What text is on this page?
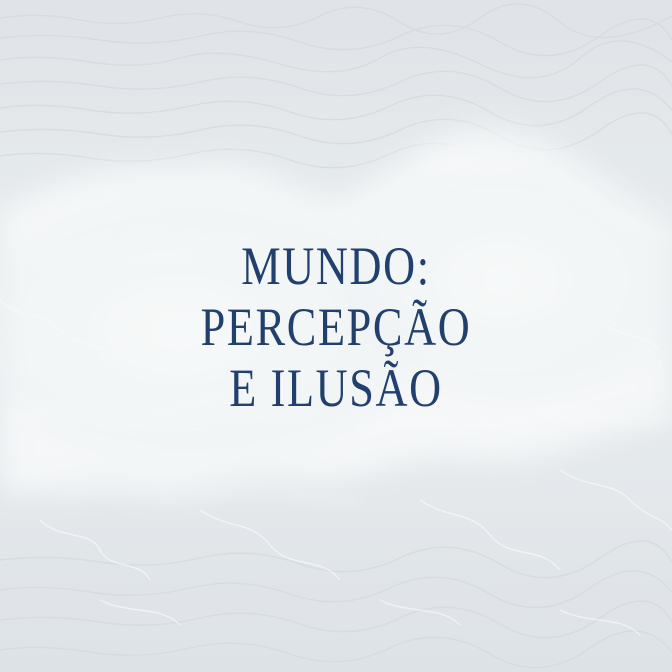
MUNDO:
PERCEPÇÃO
E ILUSÃO
